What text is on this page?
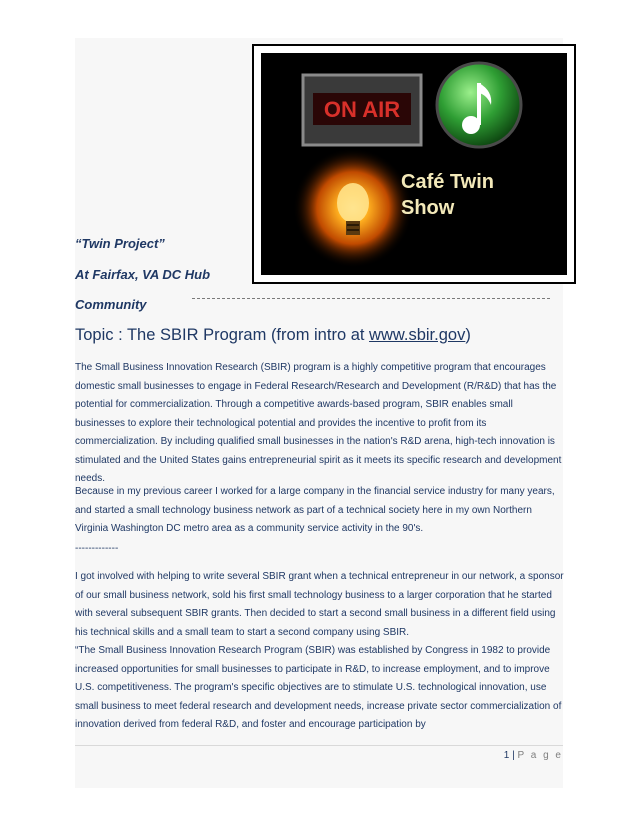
ON AIR
Café Twin
Show
“Twin Project”
At Fairfax, VA DC Hub
Community
Topic : The SBIR Program (from intro at www.sbir.gov)

The Small Business Innovation Research (SBIR) program is a highly competitive program that encourages domestic small businesses to engage in Federal Research/Research and Development (R/R&D) that has the potential for commercialization. Through a competitive awards-based program, SBIR enables small businesses to explore their technological potential and provides the incentive to profit from its commercialization. By including qualified small businesses in the nation's R&D arena, high-tech innovation is stimulated and the United States gains entrepreneurial spirit as it meets its specific research and development needs.

Because in my previous career I worked for a large company in the financial service industry for many years, and started a small technology business network as part of a technical society here in my own Northern Virginia Washington DC metro area as a community service activity in the 90's.

-------------

I got involved with helping to write several SBIR grant when a technical entrepreneur in our network, a sponsor of our small business network, sold his first small technology business to a larger corporation that he started with several subsequent SBIR grants. Then decided to start a second small business in a different field using his technical skills and a small team to start a second company using SBIR.

“The Small Business Innovation Research Program (SBIR) was established by Congress in 1982 to provide increased opportunities for small businesses to participate in R&D, to increase employment, and to improve U.S. competitiveness. The program's specific objectives are to stimulate U.S. technological innovation, use small business to meet federal research and development needs, increase private sector commercialization of innovation derived from federal R&D, and foster and encourage participation by

1 | P a g e
